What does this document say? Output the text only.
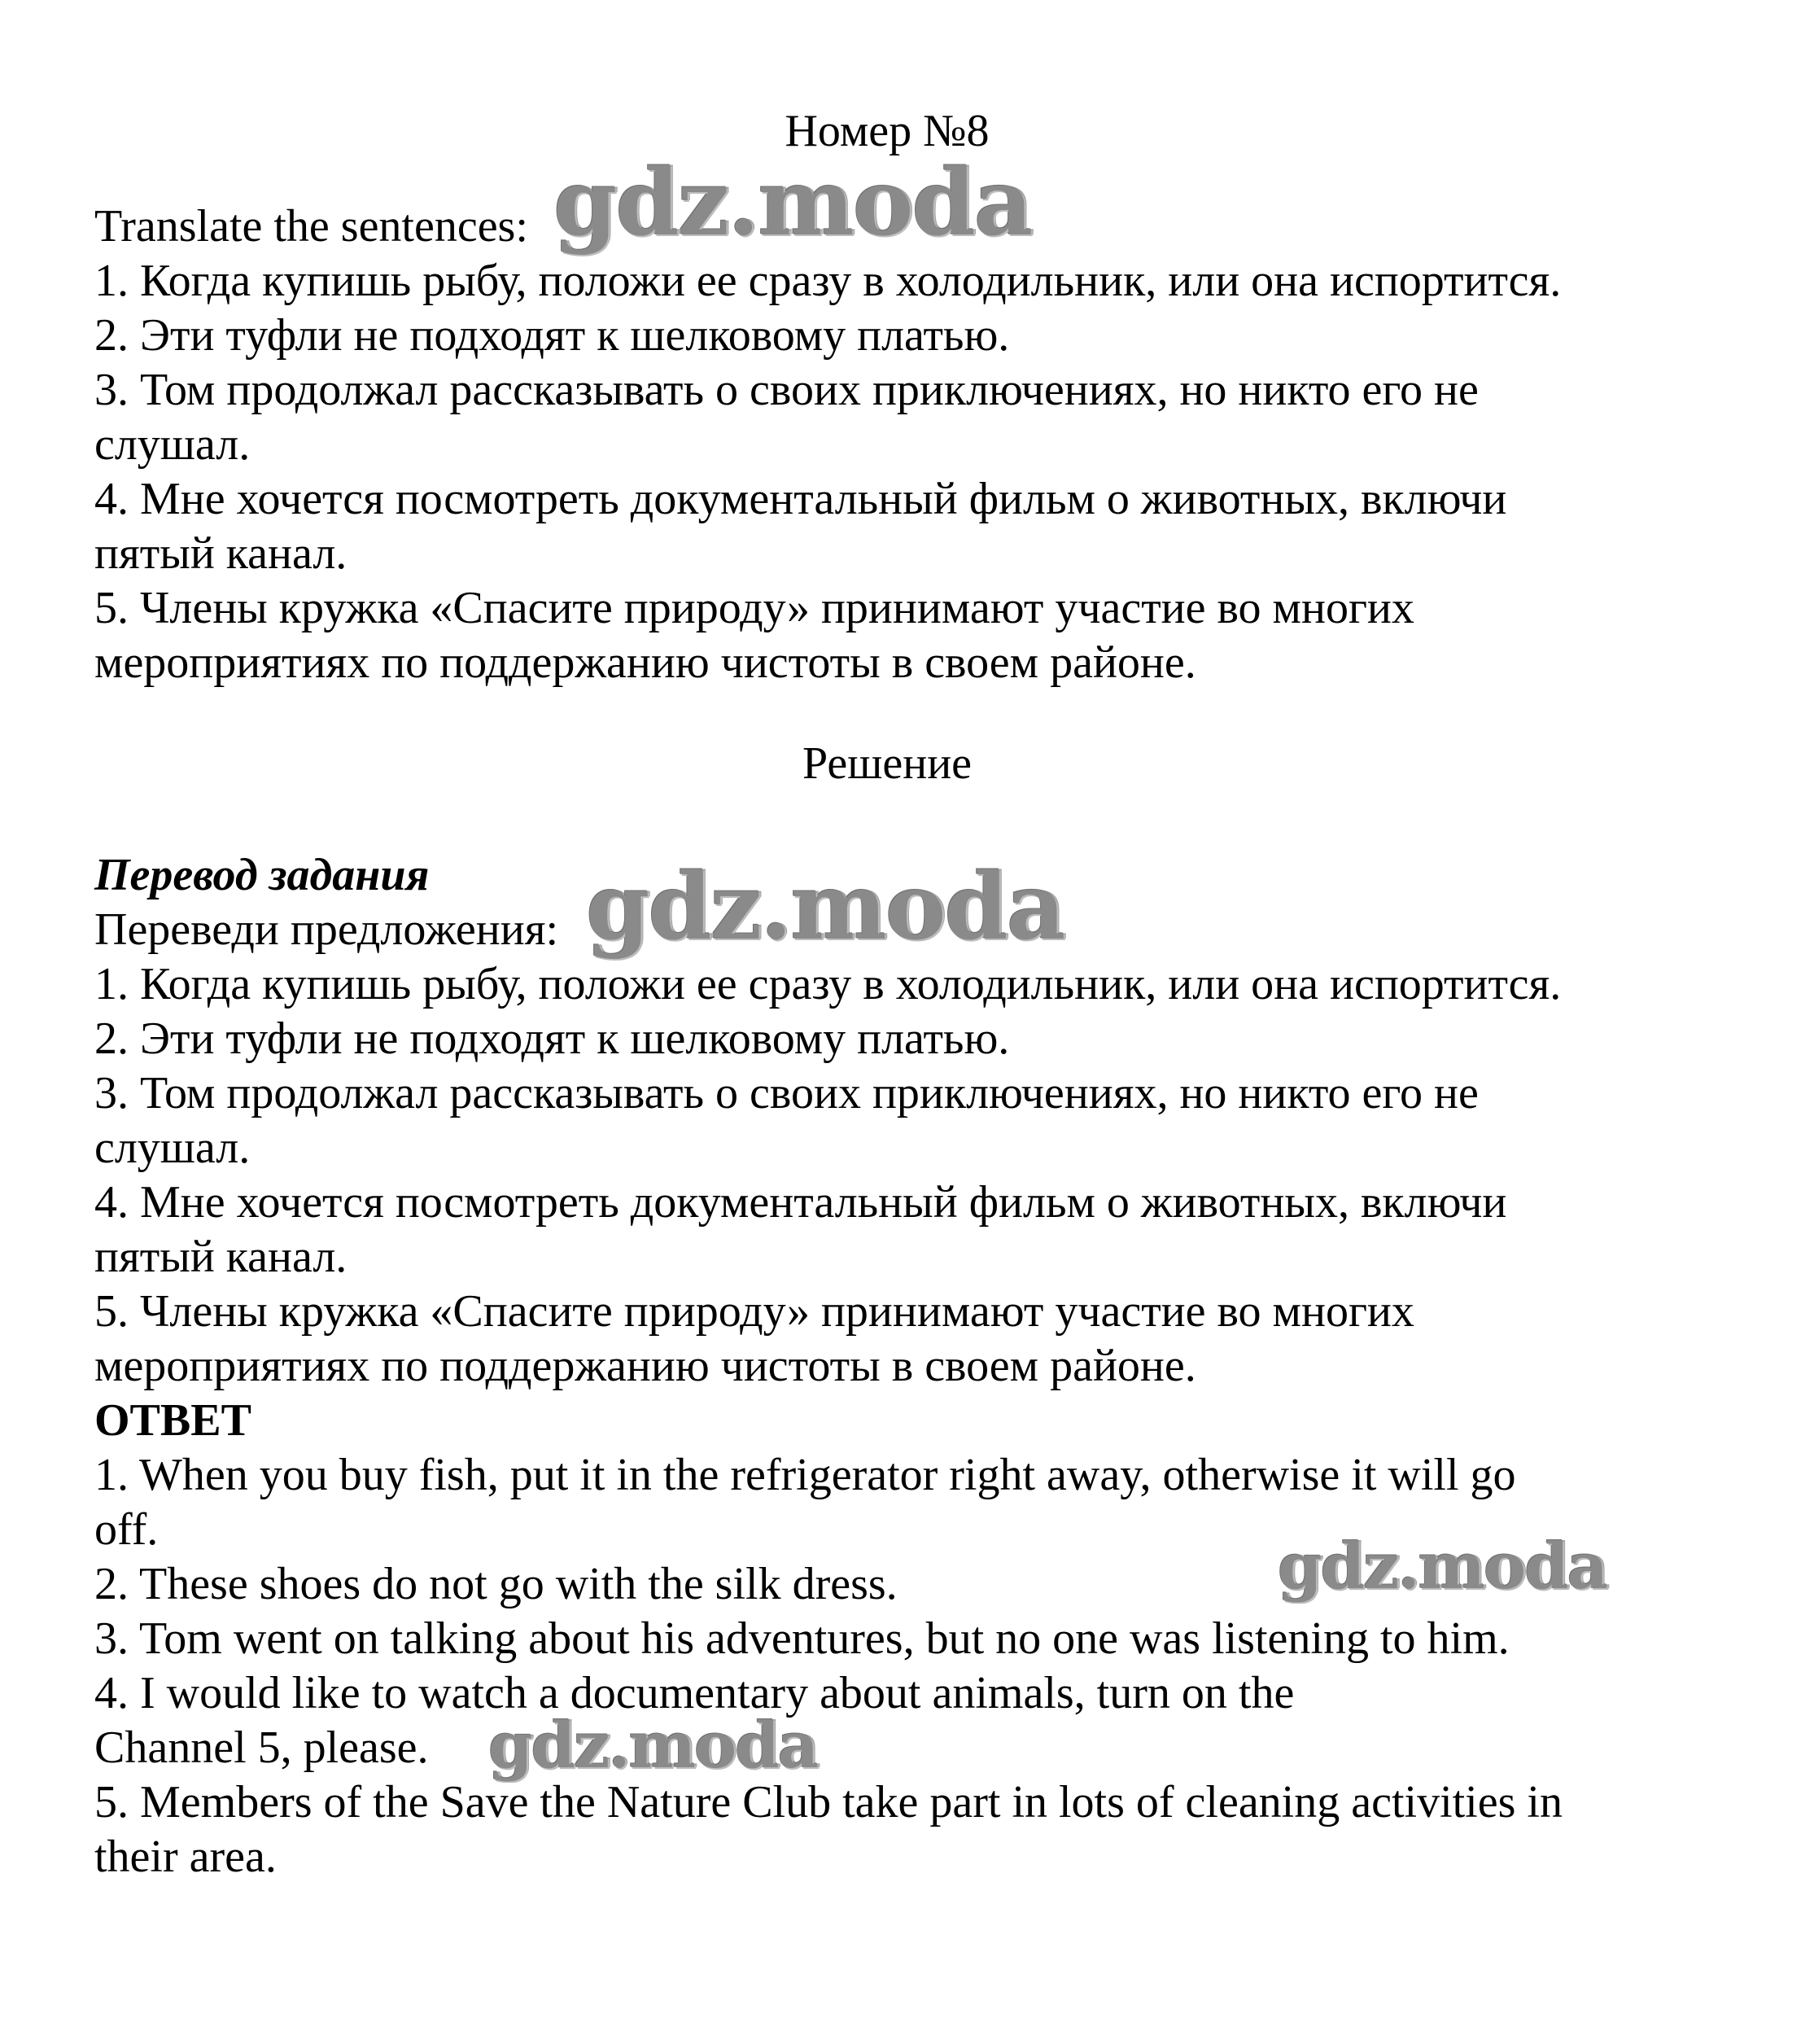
Номер №8
Translate the sentences:
1. Когда купишь рыбу, положи ее сразу в холодильник, или она испортится.
2. Эти туфли не подходят к шелковому платью.
3. Том продолжал рассказывать о своих приключениях, но никто его не
слушал.
4. Мне хочется посмотреть документальный фильм о животных, включи
пятый канал.
5. Члены кружка «Спасите природу» принимают участие во многих
мероприятиях по поддержанию чистоты в своем районе.
Решение
Перевод задания
Переведи предложения:
1. Когда купишь рыбу, положи ее сразу в холодильник, или она испортится.
2. Эти туфли не подходят к шелковому платью.
3. Том продолжал рассказывать о своих приключениях, но никто его не
слушал.
4. Мне хочется посмотреть документальный фильм о животных, включи
пятый канал.
5. Члены кружка «Спасите природу» принимают участие во многих
мероприятиях по поддержанию чистоты в своем районе.
ОТВЕТ
1. When you buy fish, put it in the refrigerator right away, otherwise it will go
off.
2. These shoes do not go with the silk dress.
3. Tom went on talking about his adventures, but no one was listening to him.
4. I would like to watch a documentary about animals, turn on the
Channel 5, please.
5. Members of the Save the Nature Club take part in lots of cleaning activities in
their area.
gdz.moda
gdz.moda
gdz.moda
gdz.moda
